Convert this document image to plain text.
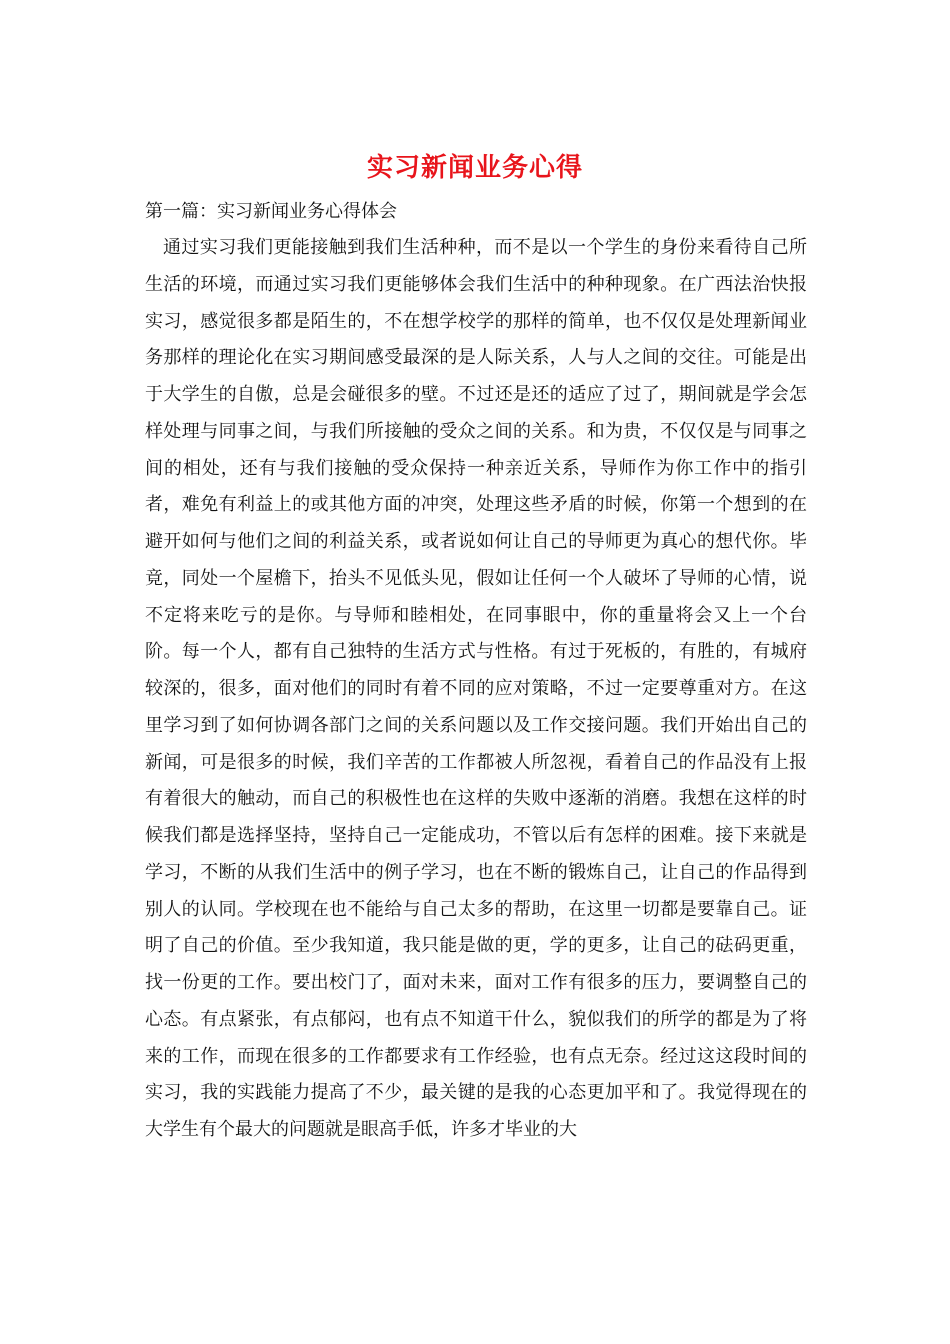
实习新闻业务心得
第一篇：实习新闻业务心得体会

通过实习我们更能接触到我们生活种种，而不是以一个学生的身份来看待自己所生活的环境，而通过实习我们更能够体会我们生活中的种种现象。在广西法治快报实习，感觉很多都是陌生的，不在想学校学的那样的简单，也不仅仅是处理新闻业务那样的理论化在实习期间感受最深的是人际关系，人与人之间的交往。可能是出于大学生的自傲，总是会碰很多的壁。不过还是还的适应了过了，期间就是学会怎样处理与同事之间，与我们所接触的受众之间的关系。和为贵，不仅仅是与同事之间的相处，还有与我们接触的受众保持一种亲近关系，导师作为你工作中的指引者，难免有利益上的或其他方面的冲突，处理这些矛盾的时候，你第一个想到的在避开如何与他们之间的利益关系，或者说如何让自己的导师更为真心的想代你。毕竟，同处一个屋檐下，抬头不见低头见，假如让任何一个人破坏了导师的心情，说不定将来吃亏的是你。与导师和睦相处，在同事眼中，你的重量将会又上一个台阶。每一个人，都有自己独特的生活方式与性格。有过于死板的，有胜的，有城府较深的，很多，面对他们的同时有着不同的应对策略，不过一定要尊重对方。在这里学习到了如何协调各部门之间的关系问题以及工作交接问题。我们开始出自己的新闻，可是很多的时候，我们辛苦的工作都被人所忽视，看着自己的作品没有上报有着很大的触动，而自己的积极性也在这样的失败中逐渐的消磨。我想在这样的时候我们都是选择坚持，坚持自己一定能成功，不管以后有怎样的困难。接下来就是学习，不断的从我们生活中的例子学习，也在不断的锻炼自己，让自己的作品得到别人的认同。学校现在也不能给与自己太多的帮助，在这里一切都是要靠自己。证明了自己的价值。至少我知道，我只能是做的更，学的更多，让自己的砝码更重，找一份更的工作。要出校门了，面对未来，面对工作有很多的压力，要调整自己的心态。有点紧张，有点郁闷，也有点不知道干什么，貌似我们的所学的都是为了将来的工作，而现在很多的工作都要求有工作经验，也有点无奈。经过这这段时间的实习，我的实践能力提高了不少，最关键的是我的心态更加平和了。我觉得现在的大学生有个最大的问题就是眼高手低，许多才毕业的大
